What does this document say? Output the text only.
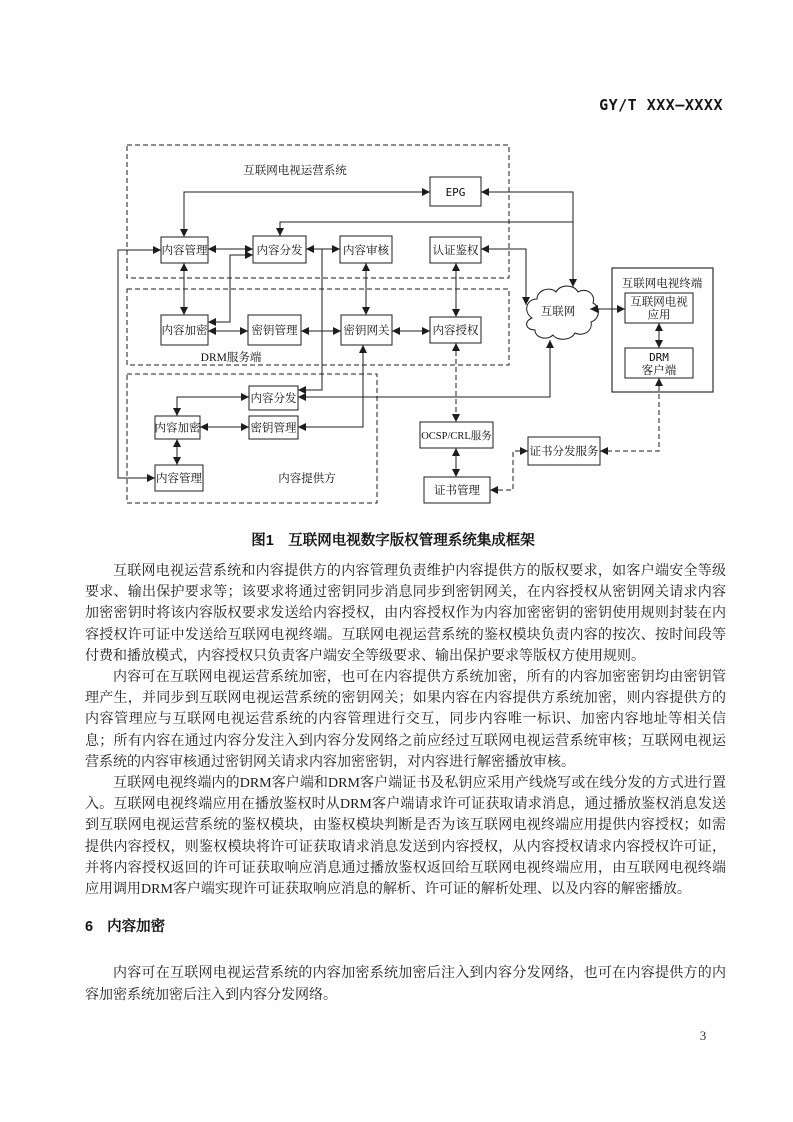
GY/T XXX—XXXX
EPG
内容管理	内容分发	内容审核	认证鉴权
内容加密	密钥管理	密钥网关	内容授权
内容分发
内容加密	密钥管理
内容管理
OCSP/CRL服务
证书管理
证书分发服务
互联网电视
应用
DRM
客户端
互联网电视运营系统
DRM服务端
内容提供方
互联网电视终端
互联网
图1　互联网电视数字版权管理系统集成框架

互联网电视运营系统和内容提供方的内容管理负责维护内容提供方的版权要求，如客户端安全等级要求、输出保护要求等；该要求将通过密钥同步消息同步到密钥网关，在内容授权从密钥网关请求内容加密密钥时将该内容版权要求发送给内容授权，由内容授权作为内容加密密钥的密钥使用规则封装在内容授权许可证中发送给互联网电视终端。互联网电视运营系统的鉴权模块负责内容的按次、按时间段等付费和播放模式，内容授权只负责客户端安全等级要求、输出保护要求等版权方使用规则。

内容可在互联网电视运营系统加密，也可在内容提供方系统加密，所有的内容加密密钥均由密钥管理产生，并同步到互联网电视运营系统的密钥网关；如果内容在内容提供方系统加密，则内容提供方的内容管理应与互联网电视运营系统的内容管理进行交互，同步内容唯一标识、加密内容地址等相关信息；所有内容在通过内容分发注入到内容分发网络之前应经过互联网电视运营系统审核；互联网电视运营系统的内容审核通过密钥网关请求内容加密密钥，对内容进行解密播放审核。

互联网电视终端内的DRM客户端和DRM客户端证书及私钥应采用产线烧写或在线分发的方式进行置入。互联网电视终端应用在播放鉴权时从DRM客户端请求许可证获取请求消息，通过播放鉴权消息发送到互联网电视运营系统的鉴权模块，由鉴权模块判断是否为该互联网电视终端应用提供内容授权；如需提供内容授权，则鉴权模块将许可证获取请求消息发送到内容授权，从内容授权请求内容授权许可证，并将内容授权返回的许可证获取响应消息通过播放鉴权返回给互联网电视终端应用，由互联网电视终端应用调用DRM客户端实现许可证获取响应消息的解析、许可证的解析处理、以及内容的解密播放。

6 内容加密

内容可在互联网电视运营系统的内容加密系统加密后注入到内容分发网络，也可在内容提供方的内容加密系统加密后注入到内容分发网络。

3
